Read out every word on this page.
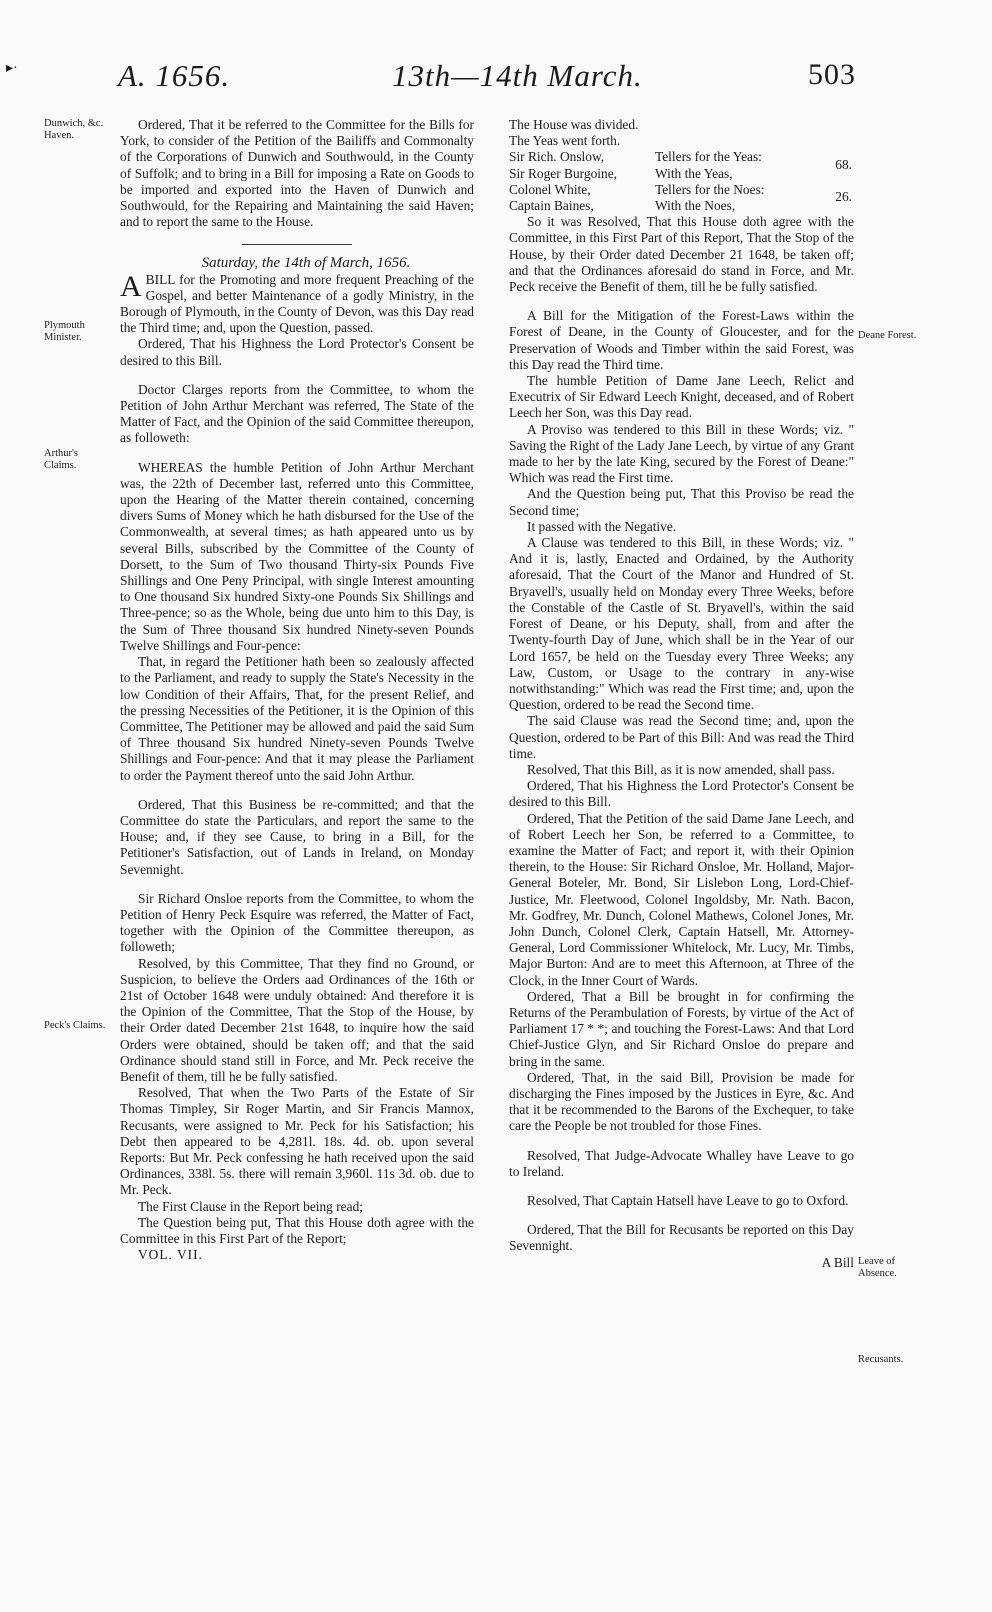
▸·	A. 1656.	13th—14th March.	503
Dunwich, &c. Haven.
Plymouth Minister.
Arthur's Claims.
Peck's Claims.
Deane Forest.
Leave of Absence.
Recusants.

Ordered, That it be referred to the Committee for the Bills for York, to consider of the Petition of the Bailiffs and Commonalty of the Corporations of Dunwich and Southwould, in the County of Suffolk; and to bring in a Bill for imposing a Rate on Goods to be imported and exported into the Haven of Dunwich and Southwould, for the Repairing and Maintaining the said Haven; and to report the same to the House.

Saturday, the 14th of March, 1656.

ABILL for the Promoting and more frequent Preaching of the Gospel, and better Maintenance of a godly Ministry, in the Borough of Plymouth, in the County of Devon, was this Day read the Third time; and, upon the Question, passed.

Ordered, That his Highness the Lord Protector's Consent be desired to this Bill.

Doctor Clarges reports from the Committee, to whom the Petition of John Arthur Merchant was referred, The State of the Matter of Fact, and the Opinion of the said Committee thereupon, as followeth:

WHEREAS the humble Petition of John Arthur Merchant was, the 22th of December last, referred unto this Committee, upon the Hearing of the Matter therein contained, concerning divers Sums of Money which he hath disbursed for the Use of the Commonwealth, at several times; as hath appeared unto us by several Bills, subscribed by the Committee of the County of Dorsett, to the Sum of Two thousand Thirty-six Pounds Five Shillings and One Peny Principal, with single Interest amounting to One thousand Six hundred Sixty-one Pounds Six Shillings and Three-pence; so as the Whole, being due unto him to this Day, is the Sum of Three thousand Six hundred Ninety-seven Pounds Twelve Shillings and Four-pence:

That, in regard the Petitioner hath been so zealously affected to the Parliament, and ready to supply the State's Necessity in the low Condition of their Affairs, That, for the present Relief, and the pressing Necessities of the Petitioner, it is the Opinion of this Committee, The Petitioner may be allowed and paid the said Sum of Three thousand Six hundred Ninety-seven Pounds Twelve Shillings and Four-pence: And that it may please the Parliament to order the Payment thereof unto the said John Arthur.

Ordered, That this Business be re-committed; and that the Committee do state the Particulars, and report the same to the House; and, if they see Cause, to bring in a Bill, for the Petitioner's Satisfaction, out of Lands in Ireland, on Monday Sevennight.

Sir Richard Onsloe reports from the Committee, to whom the Petition of Henry Peck Esquire was referred, the Matter of Fact, together with the Opinion of the Committee thereupon, as followeth;

Resolved, by this Committee, That they find no Ground, or Suspicion, to believe the Orders aad Ordinances of the 16th or 21st of October 1648 were unduly obtained: And therefore it is the Opinion of the Committee, That the Stop of the House, by their Order dated December 21st 1648, to inquire how the said Orders were obtained, should be taken off; and that the said Ordinance should stand still in Force, and Mr. Peck receive the Benefit of them, till he be fully satisfied.

Resolved, That when the Two Parts of the Estate of Sir Thomas Timpley, Sir Roger Martin, and Sir Francis Mannox, Recusants, were assigned to Mr. Peck for his Satisfaction; his Debt then appeared to be 4,281l. 18s. 4d. ob. upon several Reports: But Mr. Peck confessing he hath received upon the said Ordinances, 338l. 5s. there will remain 3,960l. 11s 3d. ob. due to Mr. Peck.

The First Clause in the Report being read;

The Question being put, That this House doth agree with the Committee in this First Part of the Report;

VOL. VII.

The House was divided.

The Yeas went forth.

Sir Rich. Onslow,	Tellers for the Yeas:
Sir Roger Burgoine,	With the Yeas,
Colonel White,	Tellers for the Noes:
Captain Baines,	With the Noes,
68.
26.

So it was Resolved, That this House doth agree with the Committee, in this First Part of this Report, That the Stop of the House, by their Order dated December 21 1648, be taken off; and that the Ordinances aforesaid do stand in Force, and Mr. Peck receive the Benefit of them, till he be fully satisfied.

A Bill for the Mitigation of the Forest-Laws within the Forest of Deane, in the County of Gloucester, and for the Preservation of Woods and Timber within the said Forest, was this Day read the Third time.

The humble Petition of Dame Jane Leech, Relict and Executrix of Sir Edward Leech Knight, deceased, and of Robert Leech her Son, was this Day read.

A Proviso was tendered to this Bill in these Words; viz. " Saving the Right of the Lady Jane Leech, by virtue of any Grant made to her by the late King, secured by the Forest of Deane:" Which was read the First time.

And the Question being put, That this Proviso be read the Second time;

It passed with the Negative.

A Clause was tendered to this Bill, in these Words; viz. " And it is, lastly, Enacted and Ordained, by the Authority aforesaid, That the Court of the Manor and Hundred of St. Bryavell's, usually held on Monday every Three Weeks, before the Constable of the Castle of St. Bryavell's, within the said Forest of Deane, or his Deputy, shall, from and after the Twenty-fourth Day of June, which shall be in the Year of our Lord 1657, be held on the Tuesday every Three Weeks; any Law, Custom, or Usage to the contrary in any-wise notwithstanding:" Which was read the First time; and, upon the Question, ordered to be read the Second time.

The said Clause was read the Second time; and, upon the Question, ordered to be Part of this Bill: And was read the Third time.

Resolved, That this Bill, as it is now amended, shall pass.

Ordered, That his Highness the Lord Protector's Consent be desired to this Bill.

Ordered, That the Petition of the said Dame Jane Leech, and of Robert Leech her Son, be referred to a Committee, to examine the Matter of Fact; and report it, with their Opinion therein, to the House: Sir Richard Onsloe, Mr. Holland, Major-General Boteler, Mr. Bond, Sir Lislebon Long, Lord-Chief-Justice, Mr. Fleetwood, Colonel Ingoldsby, Mr. Nath. Bacon, Mr. Godfrey, Mr. Dunch, Colonel Mathews, Colonel Jones, Mr. John Dunch, Colonel Clerk, Captain Hatsell, Mr. Attorney-General, Lord Commissioner Whitelock, Mr. Lucy, Mr. Timbs, Major Burton: And are to meet this Afternoon, at Three of the Clock, in the Inner Court of Wards.

Ordered, That a Bill be brought in for confirming the Returns of the Perambulation of Forests, by virtue of the Act of Parliament 17 * *; and touching the Forest-Laws: And that Lord Chief-Justice Glyn, and Sir Richard Onsloe do prepare and bring in the same.

Ordered, That, in the said Bill, Provision be made for discharging the Fines imposed by the Justices in Eyre, &c. And that it be recommended to the Barons of the Exchequer, to take care the People be not troubled for those Fines.

Resolved, That Judge-Advocate Whalley have Leave to go to Ireland.

Resolved, That Captain Hatsell have Leave to go to Oxford.

Ordered, That the Bill for Recusants be reported on this Day Sevennight.

A Bill
